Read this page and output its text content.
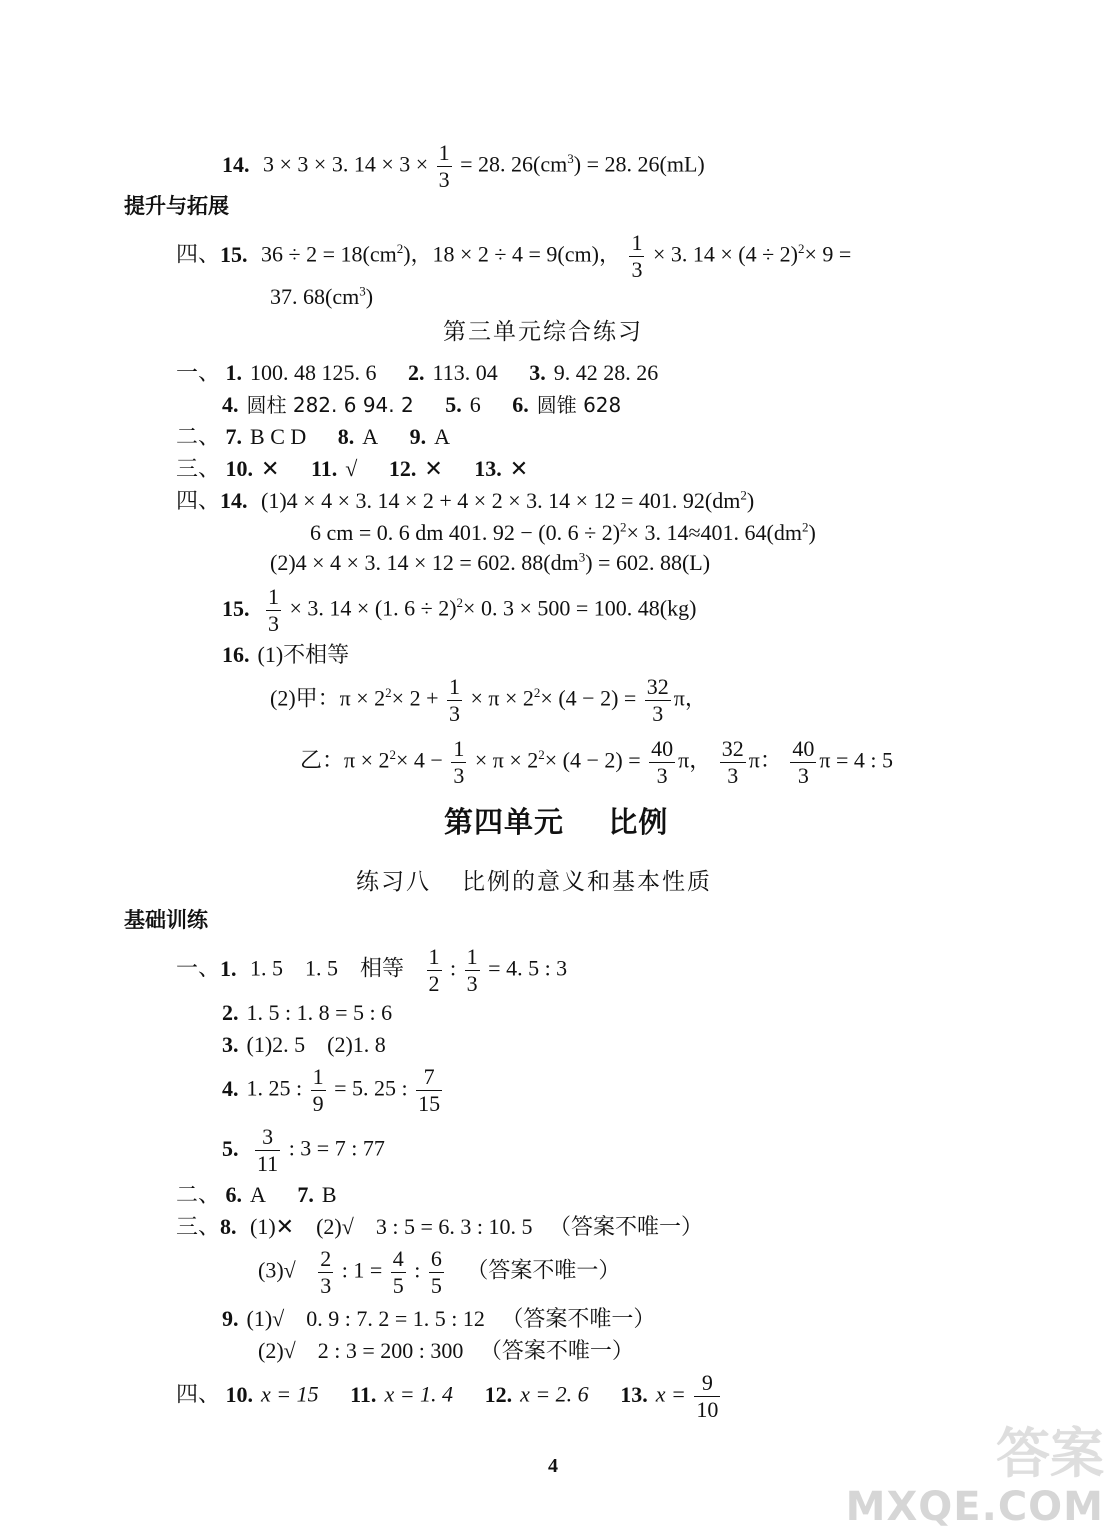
14. 3 × 3 × 3. $14 \times 3 \times \frac{1}{3} = 28$. $26(cm^3) = 28$. 26(mL)
提升与拓展
四、15. $36 \div 2 = 18(cm^2)$，18 × 2 ÷ 4 = 9(cm)， $\frac{1}{3} \times 3$. $14 \times (4 \div 2)^2\times 9$ =
37. $68(cm^3)$
第三单元综合练习
一、 1. 100. 48 125. 6 2. 113. 04 3. 9. 42 28. 26
4. 圆柱 282. 6 94. 2 5. 6 6. 圆锥 628
二、 7. B C D 8. A 9. A
三、 10. ✕ 11. √ 12. ✕ 13. ✕
四、14. (1)4 × 4 × 3. 14 × 2 + 4 × 2 × 3. 14 × 12 = 401. $92(dm^2)$
6 cm = 0. 6 dm 401. 92 − (0. 6 ÷ 2)$^2$× 3. 14≈401. $64(dm^2)$
(2)4 × 4 × 3. 14 × 12 = 602. $88(dm^3) = 602$. 88(L)
15. $\frac{1}{3} \times 3$. 14 × (1. 6 ÷ 2)$^2$× 0. 3 × 500 = 100. 48(kg)
16. (1)不相等
(2)甲：$\pi \times 2^2\times 2 + \frac{1}{3} \times \pi \times 2^2\times (4 - 2) = \frac{32}{3}$ π，
乙：$\pi \times 2^2\times 4 - \frac{1}{3} \times \pi \times 2^2\times (4 - 2) = \frac{40}{3}$ π， $\frac{32}{3}$ π： $\frac{40}{3}$ π = 4 : 5
第四单元    比例
练习八    比例的意义和基本性质
基础训练
一、1. 1. 5    1. 5    相等 $\frac{1}{2}$ : $\frac{1}{3} = 4$. 5 : 3
2. 1. 5 : 1. 8 = 5 : 6
3. (1)2. 5    (2)1. 8
4. 1. 25 : $\frac{1}{9} = 5$. 25 : $\frac{7}{15}$
5. $\frac{3}{11}$ : 3 = 7 : 77
二、 6. A 7. B
三、8. (1)✕    (2)√    3 : 5 = 6. 3 : 10. 5   （答案不唯一）
$(3)√ \frac{2}{3}$ : $1 = \frac{4}{5}$ : $\frac{6}{5}$ （答案不唯一）
9. (1)√    0. 9 : 7. 2 = 1. 5 : 12   （答案不唯一）
(2)√    2 : 3 = 200 : 300   （答案不唯一）
四、 10. x = 15 11. x = 1. 4 12. x = 2. 6 13. $x = \frac{9}{10}$
4	答案
MXQE.COM
